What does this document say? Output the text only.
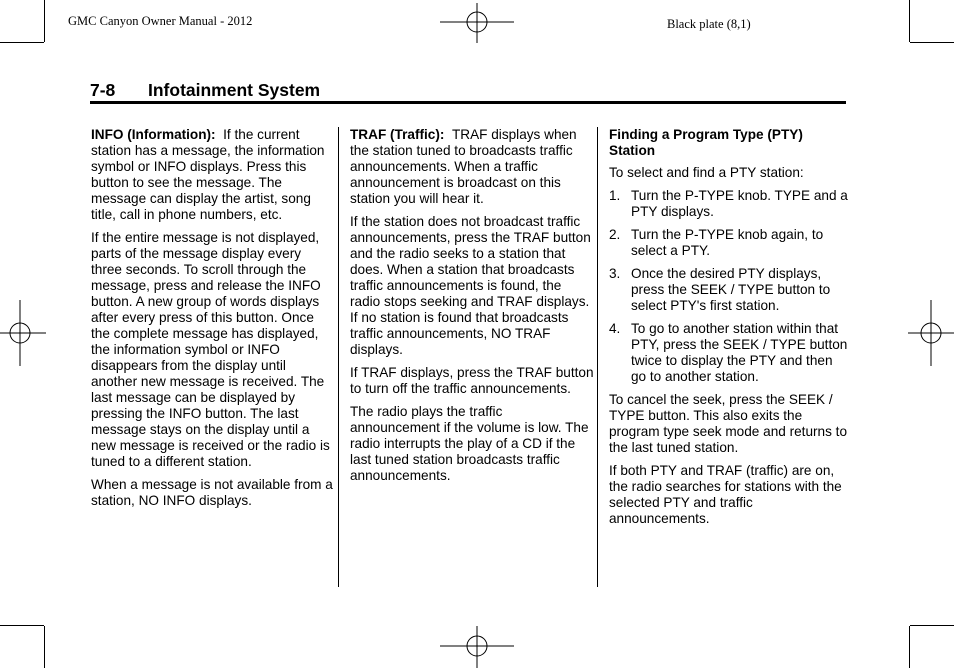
GMC Canyon Owner Manual - 2012	Black plate (8,1)
7-8 Infotainment System

INFO (Information): If the current station has a message, the information symbol or INFO displays. Press this button to see the message. The message can display the artist, song title, call in phone numbers, etc.

If the entire message is not displayed, parts of the message display every three seconds. To scroll through the message, press and release the INFO button. A new group of words displays after every press of this button. Once the complete message has displayed, the information symbol or INFO disappears from the display until another new message is received. The last message can be displayed by pressing the INFO button. The last message stays on the display until a new message is received or the radio is tuned to a different station.

When a message is not available from a station, NO INFO displays.

TRAF (Traffic): TRAF displays when the station tuned to broadcasts traffic announcements. When a traffic announcement is broadcast on this station you will hear it.

If the station does not broadcast traffic announcements, press the TRAF button and the radio seeks to a station that does. When a station that broadcasts traffic announcements is found, the radio stops seeking and TRAF displays. If no station is found that broadcasts traffic announcements, NO TRAF displays.

If TRAF displays, press the TRAF button to turn off the traffic announcements.

The radio plays the traffic announcement if the volume is low. The radio interrupts the play of a CD if the last tuned station broadcasts traffic announcements.

Finding a Program Type (PTY) Station

To select and find a PTY station:

1. Turn the P-TYPE knob. TYPE and a PTY displays.
2. Turn the P-TYPE knob again, to select a PTY.
3. Once the desired PTY displays, press the SEEK / TYPE button to select PTY's first station.
4. To go to another station within that PTY, press the SEEK / TYPE button twice to display the PTY and then go to another station.

To cancel the seek, press the SEEK / TYPE button. This also exits the program type seek mode and returns to the last tuned station.

If both PTY and TRAF (traffic) are on, the radio searches for stations with the selected PTY and traffic announcements.
